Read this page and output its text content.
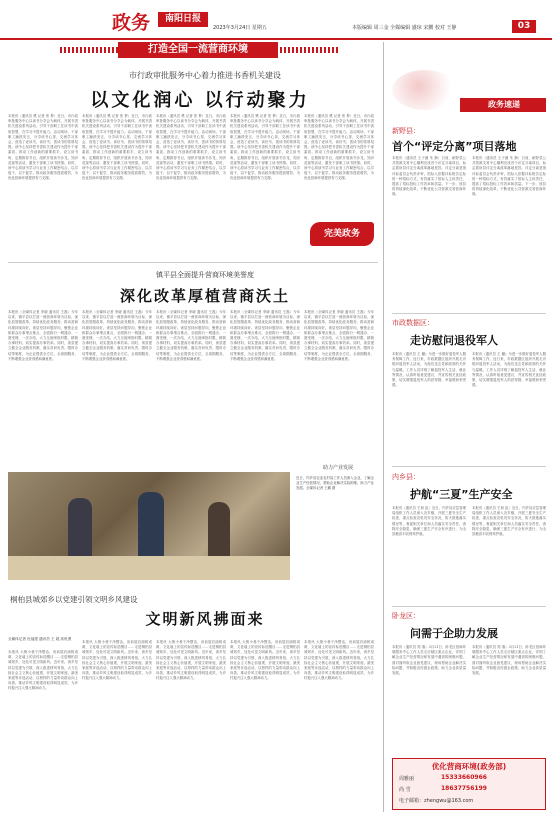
政务	南阳日报
2023年3月24日 星期五	本版编辑 周三金 全媒编辑 盛琼 宋鹏 校对 王静	03
打造全国一流营商环境
市行政审批服务中心着力推进书香机关建设
以文化润心 以行动聚力
本报讯（通讯员 樊 记者 张 梦）近日，市行政审批服务中心以读书分享会为载体，开展书香机关建设系列活动，引导干部职工在读书中汲取智慧，在学习中提升能力。活动现场，干部职工踊跃发言，分享读书心得，交流学习体会，营造了爱读书、读好书、善读书的浓厚氛围。该中心坚持把书香机关建设作为提升干部素质、推动工作创新的重要抓手，设立读书角，定期推荐书目，组织开展读书沙龙、知识竞赛等活动，激发干部职工读书热情。同时，该中心将读书学习与业务工作紧密结合，以学促干、以干促学，推动政务服务提质增效，为优化营商环境提供有力支撑。
本报讯（通讯员 樊 记者 张 梦）近日，市行政审批服务中心以读书分享会为载体，开展书香机关建设系列活动，引导干部职工在读书中汲取智慧，在学习中提升能力。活动现场，干部职工踊跃发言，分享读书心得，交流学习体会，营造了爱读书、读好书、善读书的浓厚氛围。该中心坚持把书香机关建设作为提升干部素质、推动工作创新的重要抓手，设立读书角，定期推荐书目，组织开展读书沙龙、知识竞赛等活动，激发干部职工读书热情。同时，该中心将读书学习与业务工作紧密结合，以学促干、以干促学，推动政务服务提质增效，为优化营商环境提供有力支撑。
本报讯（通讯员 樊 记者 张 梦）近日，市行政审批服务中心以读书分享会为载体，开展书香机关建设系列活动，引导干部职工在读书中汲取智慧，在学习中提升能力。活动现场，干部职工踊跃发言，分享读书心得，交流学习体会，营造了爱读书、读好书、善读书的浓厚氛围。该中心坚持把书香机关建设作为提升干部素质、推动工作创新的重要抓手，设立读书角，定期推荐书目，组织开展读书沙龙、知识竞赛等活动，激发干部职工读书热情。同时，该中心将读书学习与业务工作紧密结合，以学促干、以干促学，推动政务服务提质增效，为优化营商环境提供有力支撑。
本报讯（通讯员 樊 记者 张 梦）近日，市行政审批服务中心以读书分享会为载体，开展书香机关建设系列活动，引导干部职工在读书中汲取智慧，在学习中提升能力。活动现场，干部职工踊跃发言，分享读书心得，交流学习体会，营造了爱读书、读好书、善读书的浓厚氛围。该中心坚持把书香机关建设作为提升干部素质、推动工作创新的重要抓手，设立读书角，定期推荐书目，组织开展读书沙龙、知识竞赛等活动，激发干部职工读书热情。同时，该中心将读书学习与业务工作紧密结合，以学促干、以干促学，推动政务服务提质增效，为优化营商环境提供有力支撑。
本报讯（通讯员 樊 记者 张 梦）近日，市行政审批服务中心以读书分享会为载体，开展书香机关建设系列活动，引导干部职工在读书中汲取智慧，在学习中提升能力。活动现场，干部职工踊跃发言，分享读书心得，交流学习体会，营造了爱读书、读好书、善读书的浓厚氛围。该中心坚持把书香机关建设作为提升干部素质、推动工作创新的重要抓手，设立读书角，定期推荐书目，组织开展读书沙龙、知识竞赛等活动，激发干部职工读书热情。同时，该中心将读书学习与业务工作紧密结合，以学促干、以干促学，推动政务服务提质增效，为优化营商环境提供有力支撑。
完美政务
镇平县全面提升营商环境美誉度
深化改革厚植营商沃土
本报讯（全媒体记者 李晓 通讯员 王磊）今年以来，镇平县以打造一流营商环境为目标，深化放管服改革，持续优化政务服务，推动营商环境持续向好。该县坚持问题导向，聚焦企业和群众办事堵点难点，全面推行一网通办、一窗受理、一次办结，大力压缩审批时限，精简办事材料，切实提高办事效率。同时，该县建立健全企业服务机制，落实首问负责、限时办结等制度，为企业提供全方位、全周期服务，不断增强企业获得感和满意度。
本报讯（全媒体记者 李晓 通讯员 王磊）今年以来，镇平县以打造一流营商环境为目标，深化放管服改革，持续优化政务服务，推动营商环境持续向好。该县坚持问题导向，聚焦企业和群众办事堵点难点，全面推行一网通办、一窗受理、一次办结，大力压缩审批时限，精简办事材料，切实提高办事效率。同时，该县建立健全企业服务机制，落实首问负责、限时办结等制度，为企业提供全方位、全周期服务，不断增强企业获得感和满意度。
本报讯（全媒体记者 李晓 通讯员 王磊）今年以来，镇平县以打造一流营商环境为目标，深化放管服改革，持续优化政务服务，推动营商环境持续向好。该县坚持问题导向，聚焦企业和群众办事堵点难点，全面推行一网通办、一窗受理、一次办结，大力压缩审批时限，精简办事材料，切实提高办事效率。同时，该县建立健全企业服务机制，落实首问负责、限时办结等制度，为企业提供全方位、全周期服务，不断增强企业获得感和满意度。
本报讯（全媒体记者 李晓 通讯员 王磊）今年以来，镇平县以打造一流营商环境为目标，深化放管服改革，持续优化政务服务，推动营商环境持续向好。该县坚持问题导向，聚焦企业和群众办事堵点难点，全面推行一网通办、一窗受理、一次办结，大力压缩审批时限，精简办事材料，切实提高办事效率。同时，该县建立健全企业服务机制，落实首问负责、限时办结等制度，为企业提供全方位、全周期服务，不断增强企业获得感和满意度。
本报讯（全媒体记者 李晓 通讯员 王磊）今年以来，镇平县以打造一流营商环境为目标，深化放管服改革，持续优化政务服务，推动营商环境持续向好。该县坚持问题导向，聚焦企业和群众办事堵点难点，全面推行一网通办、一窗受理、一次办结，大力压缩审批时限，精简办事材料，切实提高办事效率。同时，该县建立健全企业服务机制，落实首问负责、限时办结等制度，为企业提供全方位、全周期服务，不断增强企业获得感和满意度。
助力产业发展
近日，内乡县农业农村局工作人员深入企业，了解企业生产经营情况，帮助企业解决实际困难，助力产业发展。全媒体记者 王鹏 摄
桐柏县城郊乡以党建引领文明乡风建设
文明新风拂面来
全媒体记者 杜福建 通讯员 王 超 高贵勇
本报讯 大街小巷干净整洁，房前屋后绿树成荫，文化墙上的宣传标语醒目……走进桐柏县城郊乡，处处可见文明新风。近年来，该乡坚持以党建为引领，深入推进移风易俗，大力弘扬社会主义核心价值观，开展文明家庭、最美家庭等评选活动，以榜样的力量带动群众向上向善，推动乡风文明建设取得明显成效，为乡村振兴注入强大精神动力。
本报讯 大街小巷干净整洁，房前屋后绿树成荫，文化墙上的宣传标语醒目……走进桐柏县城郊乡，处处可见文明新风。近年来，该乡坚持以党建为引领，深入推进移风易俗，大力弘扬社会主义核心价值观，开展文明家庭、最美家庭等评选活动，以榜样的力量带动群众向上向善，推动乡风文明建设取得明显成效，为乡村振兴注入强大精神动力。
本报讯 大街小巷干净整洁，房前屋后绿树成荫，文化墙上的宣传标语醒目……走进桐柏县城郊乡，处处可见文明新风。近年来，该乡坚持以党建为引领，深入推进移风易俗，大力弘扬社会主义核心价值观，开展文明家庭、最美家庭等评选活动，以榜样的力量带动群众向上向善，推动乡风文明建设取得明显成效，为乡村振兴注入强大精神动力。
本报讯 大街小巷干净整洁，房前屋后绿树成荫，文化墙上的宣传标语醒目……走进桐柏县城郊乡，处处可见文明新风。近年来，该乡坚持以党建为引领，深入推进移风易俗，大力弘扬社会主义核心价值观，开展文明家庭、最美家庭等评选活动，以榜样的力量带动群众向上向善，推动乡风文明建设取得明显成效，为乡村振兴注入强大精神动力。
本报讯 大街小巷干净整洁，房前屋后绿树成荫，文化墙上的宣传标语醒目……走进桐柏县城郊乡，处处可见文明新风。近年来，该乡坚持以党建为引领，深入推进移风易俗，大力弘扬社会主义核心价值观，开展文明家庭、最美家庭等评选活动，以榜样的力量带动群众向上向善，推动乡风文明建设取得明显成效，为乡村振兴注入强大精神动力。
政务速递
新野县：
首个“评定分离”项目落地
本报讯（通讯员 王子涵 朱 静）日前，新野县公共资源交易中心顺利完成首个评定分离项目，标志着该县评定分离改革落地见效。评定分离是指评标委员会负责评审，招标人依据评标报告定标的一种招标方式，有效落实了招标人主体责任，提高了招标投标工作效率和质量。下一步，该县将持续深化改革，不断优化公共资源交易营商环境。
本报讯（通讯员 王子涵 朱 静）日前，新野县公共资源交易中心顺利完成首个评定分离项目，标志着该县评定分离改革落地见效。评定分离是指评标委员会负责评审，招标人依据评标报告定标的一种招标方式，有效落实了招标人主体责任，提高了招标投标工作效率和质量。下一步，该县将持续深化改革，不断优化公共资源交易营商环境。
市政数据区：
走访慰问退役军人
本报讯（通讯员 王 璐）为进一步做好退役军人服务保障工作，连日来，市政数据区组织开展走访慰问退役军人活动，为他们送去党和政府的关怀与温暖。工作人员详细了解退役军人生活、就业等情况，认真听取意见建议，并宣传相关优抚政策，切实增强退役军人的获得感、幸福感和荣誉感。
本报讯（通讯员 王 璐）为进一步做好退役军人服务保障工作，连日来，市政数据区组织开展走访慰问退役军人活动，为他们送去党和政府的关怀与温暖。工作人员详细了解退役军人生活、就业等情况，认真听取意见建议，并宣传相关优抚政策，切实增强退役军人的获得感、幸福感和荣誉感。
内乡县：
护航“三夏”生产安全
本报讯（通讯员 王和 赵）近日，内乡县应急管理局组织工作人员深入各乡镇，开展三夏安全生产检查，重点检查农机具安全状况、防火措施落实情况等，督促相关单位和人员落实安全责任，消除安全隐患，确保三夏生产安全有序进行，为全县粮食丰收保驾护航。
本报讯（通讯员 王和 赵）近日，内乡县应急管理局组织工作人员深入各乡镇，开展三夏安全生产检查，重点检查农机具安全状况、防火措施落实情况等，督促相关单位和人员落实安全责任，消除安全隐患，确保三夏生产安全有序进行，为全县粮食丰收保驾护航。
卧龙区：
问需于企助力发展
本报讯（通讯员 郑 瑞）3月21日，卧龙区营商环境服务中心工作人员走访辖区重点企业，详细了解企业生产经营情况和发展中遇到的困难问题，面对面听取企业意见建议，现场帮助企业解决实际问题，并积极宣传惠企政策，助力企业高质量发展。
本报讯（通讯员 郑 瑞）3月21日，卧龙区营商环境服务中心工作人员走访辖区重点企业，详细了解企业生产经营情况和发展中遇到的困难问题，面对面听取企业意见建议，现场帮助企业解决实际问题，并积极宣传惠企政策，助力企业高质量发展。
优化营商环境(政务部)
周雅丽	15333660966
尚 雪	18637756199
电子邮箱：zhengwu@163.com
